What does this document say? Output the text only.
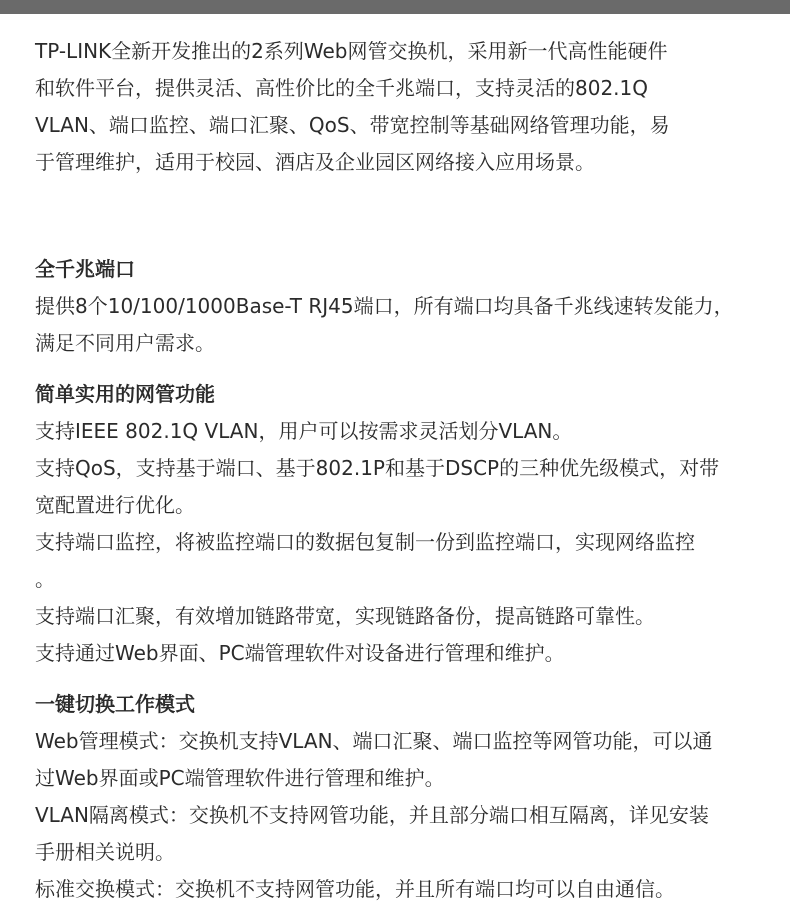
TP-LINK全新开发推出的2系列Web网管交换机，采用新一代高性能硬件

和软件平台，提供灵活、高性价比的全千兆端口，支持灵活的802.1Q

VLAN、端口监控、端口汇聚、QoS、带宽控制等基础网络管理功能，易

于管理维护，适用于校园、酒店及企业园区网络接入应用场景。

全千兆端口

提供8个10/100/1000Base-T RJ45端口，所有端口均具备千兆线速转发能力，

满足不同用户需求。

简单实用的网管功能

支持IEEE 802.1Q VLAN，用户可以按需求灵活划分VLAN。

支持QoS，支持基于端口、基于802.1P和基于DSCP的三种优先级模式，对带

宽配置进行优化。

支持端口监控，将被监控端口的数据包复制一份到监控端口，实现网络监控

。

支持端口汇聚，有效增加链路带宽，实现链路备份，提高链路可靠性。

支持通过Web界面、PC端管理软件对设备进行管理和维护。

一键切换工作模式

Web管理模式：交换机支持VLAN、端口汇聚、端口监控等网管功能，可以通

过Web界面或PC端管理软件进行管理和维护。

VLAN隔离模式：交换机不支持网管功能，并且部分端口相互隔离，详见安装

手册相关说明。

标准交换模式：交换机不支持网管功能，并且所有端口均可以自由通信。
